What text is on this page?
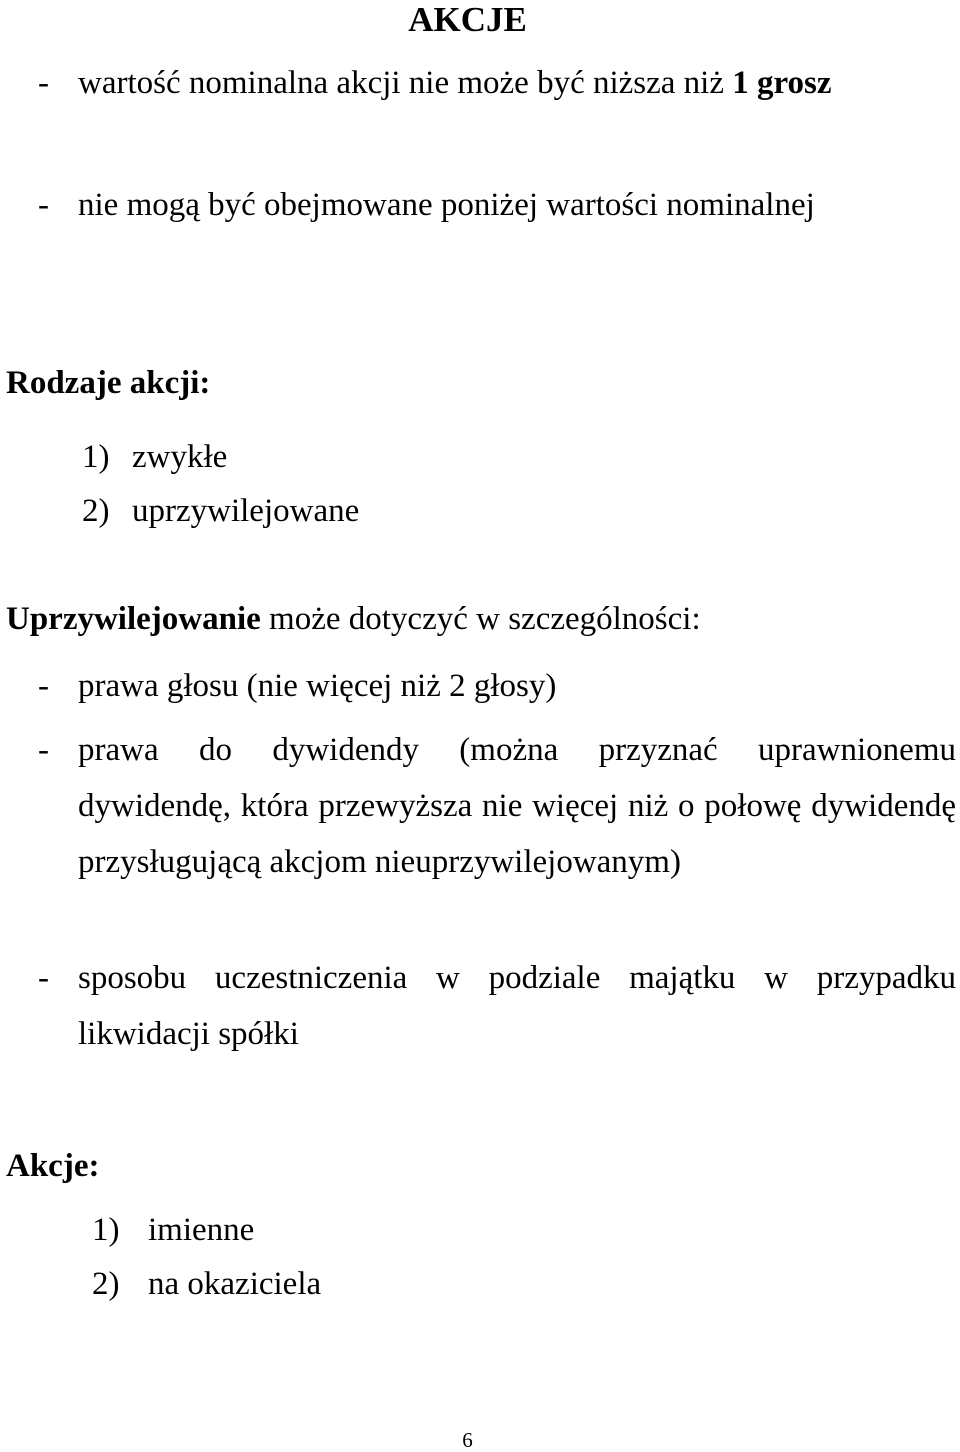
AKCJE
- wartość nominalna akcji nie może być niższa niż 1 grosz
- nie mogą być obejmowane poniżej wartości nominalnej
Rodzaje akcji:
1) zwykłe
2) uprzywilejowane
Uprzywilejowanie może dotyczyć w szczególności:
- prawa głosu (nie więcej niż 2 głosy)
- prawa do dywidendy (można przyznać uprawnionemu dywidendę, która przewyższa nie więcej niż o połowę dywidendę przysługującą akcjom nieuprzywilejowanym)
- sposobu uczestniczenia w podziale majątku w przypadku likwidacji spółki
Akcje:
1) imienne
2) na okaziciela
6
